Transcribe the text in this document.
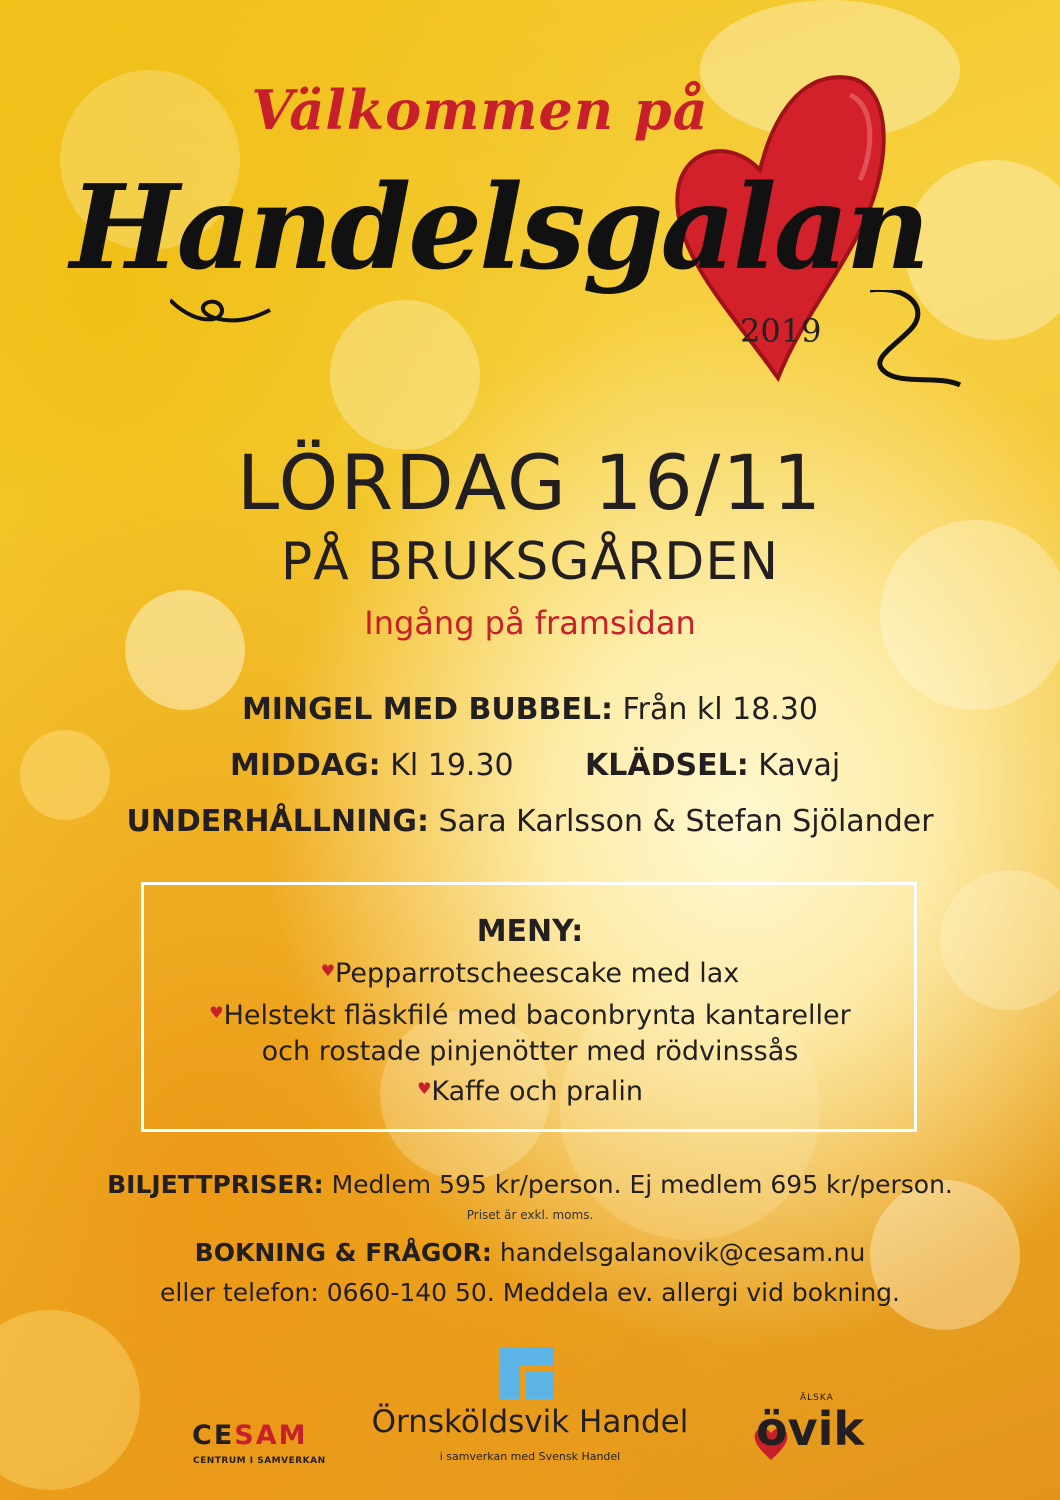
Välkommen på
Handelsgalan
2019
LÖRDAG 16/11
PÅ BRUKSGÅRDEN
Ingång på framsidan
MINGEL MED BUBBEL: Från kl 18.30
MIDDAG: Kl 19.30 KLÄDSEL: Kavaj
UNDERHÅLLNING: Sara Karlsson & Stefan Sjölander
MENY:
♥Pepparrotscheescake med lax
♥Helstekt fläskfilé med baconbrynta kantareller
och rostade pinjenötter med rödvinssås
♥Kaffe och pralin
BILJETTPRISER: Medlem 595 kr/person. Ej medlem 695 kr/person.
Priset är exkl. moms.
BOKNING & FRÅGOR: handelsgalanovik@cesam.nu
eller telefon: 0660-140 50. Meddela ev. allergi vid bokning.
CESAM
CENTRUM I SAMVERKAN
Örnsköldsvik Handel
i samverkan med Svensk Handel
ÄLSKA
övik
